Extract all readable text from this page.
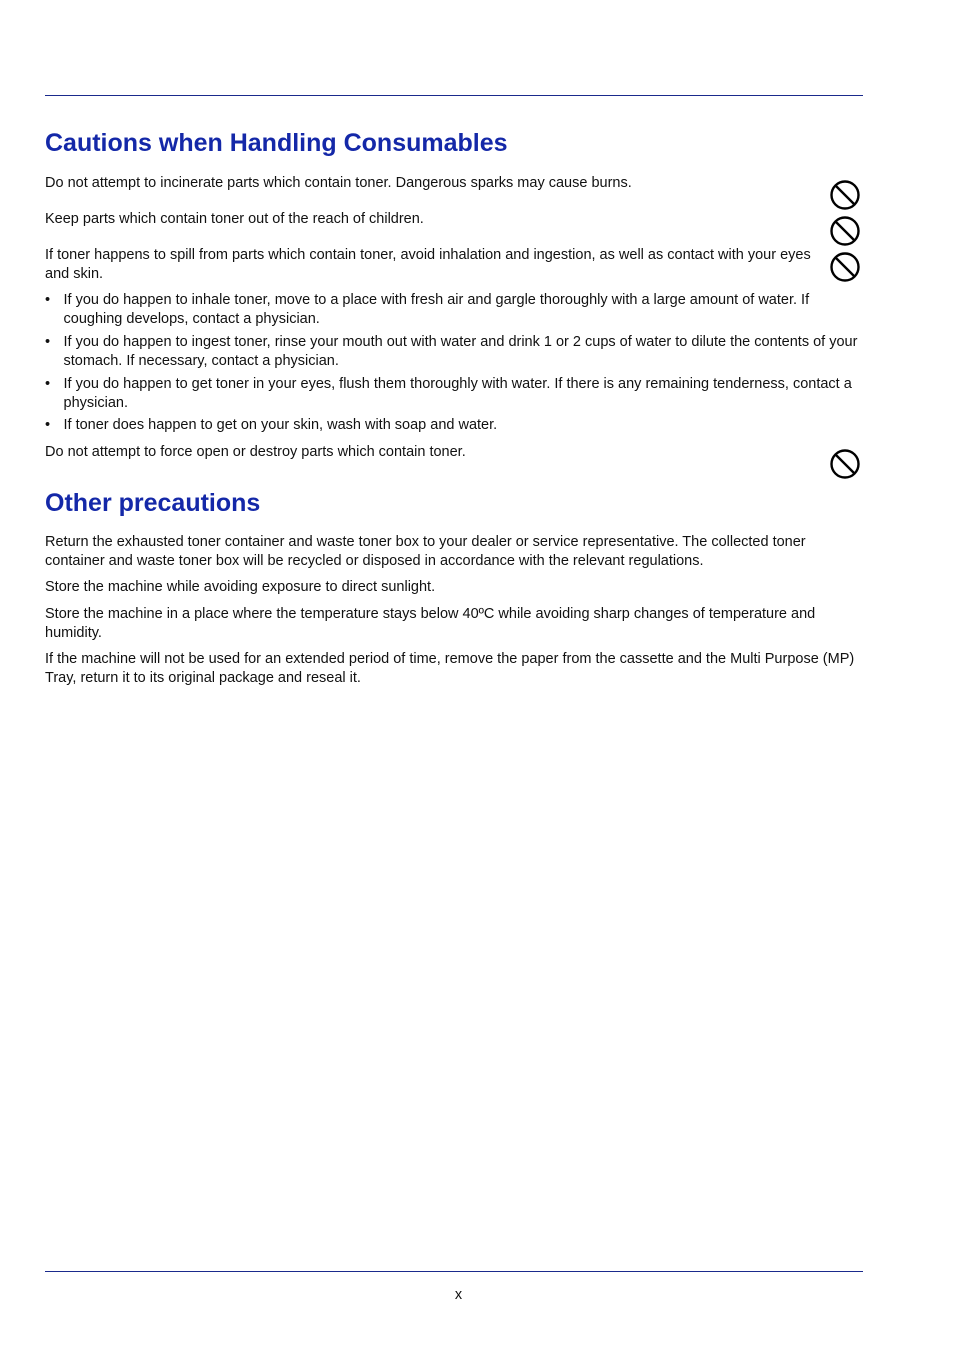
Cautions when Handling Consumables

Do not attempt to incinerate parts which contain toner. Dangerous sparks may cause burns.

Keep parts which contain toner out of the reach of children.

If toner happens to spill from parts which contain toner, avoid inhalation and ingestion, as well as contact with your eyes and skin.

• If you do happen to inhale toner, move to a place with fresh air and gargle thoroughly with a large amount of water. If coughing develops, contact a physician.
• If you do happen to ingest toner, rinse your mouth out with water and drink 1 or 2 cups of water to dilute the contents of your stomach. If necessary, contact a physician.
• If you do happen to get toner in your eyes, flush them thoroughly with water. If there is any remaining tenderness, contact a physician.
• If toner does happen to get on your skin, wash with soap and water.

Do not attempt to force open or destroy parts which contain toner.

Other precautions

Return the exhausted toner container and waste toner box to your dealer or service representative. The collected toner container and waste toner box will be recycled or disposed in accordance with the relevant regulations.

Store the machine while avoiding exposure to direct sunlight.

Store the machine in a place where the temperature stays below 40ºC while avoiding sharp changes of temperature and humidity.

If the machine will not be used for an extended period of time, remove the paper from the cassette and the Multi Purpose (MP) Tray, return it to its original package and reseal it.

x
